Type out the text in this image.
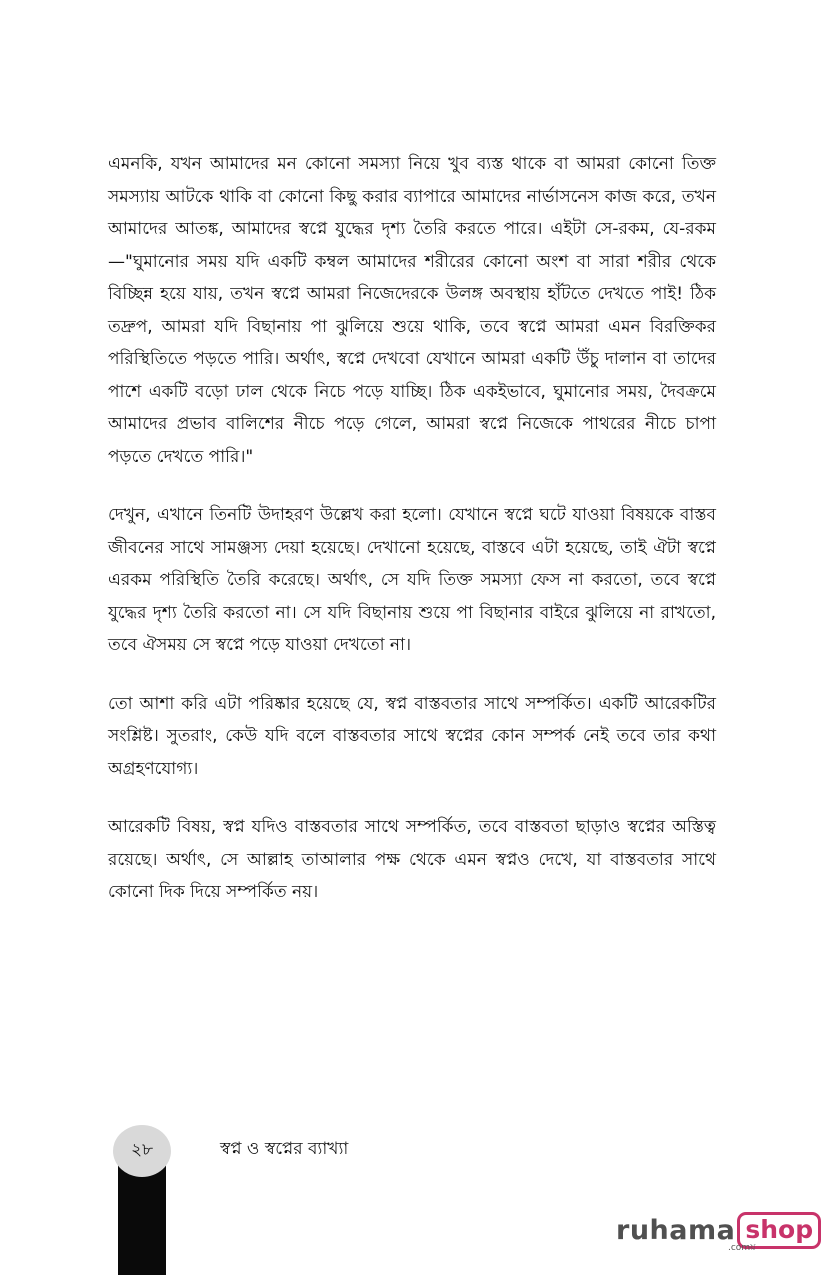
এমনকি, যখন আমাদের মন কোনো সমস্যা নিয়ে খুব ব্যস্ত থাকে বা আমরা কোনো তিক্ত সমস্যায় আটকে থাকি বা কোনো কিছু করার ব্যাপারে আমাদের নার্ভাসনেস কাজ করে, তখন আমাদের আতঙ্ক, আমাদের স্বপ্নে যুদ্ধের দৃশ্য তৈরি করতে পারে। এইটা সে-রকম, যে-রকম—"ঘুমানোর সময় যদি একটি কম্বল আমাদের শরীরের কোনো অংশ বা সারা শরীর থেকে বিচ্ছিন্ন হয়ে যায়, তখন স্বপ্নে আমরা নিজেদেরকে উলঙ্গ অবস্থায় হাঁটতে দেখতে পাই! ঠিক তদ্রুপ, আমরা যদি বিছানায় পা ঝুলিয়ে শুয়ে থাকি, তবে স্বপ্নে আমরা এমন বিরক্তিকর পরিস্থিতিতে পড়তে পারি। অর্থাৎ, স্বপ্নে দেখবো যেখানে আমরা একটি উঁচু দালান বা তাদের পাশে একটি বড়ো ঢাল থেকে নিচে পড়ে যাচ্ছি। ঠিক একইভাবে, ঘুমানোর সময়, দৈবক্রমে আমাদের প্রভাব বালিশের নীচে পড়ে গেলে, আমরা স্বপ্নে নিজেকে পাথরের নীচে চাপা পড়তে দেখতে পারি।"

দেখুন, এখানে তিনটি উদাহরণ উল্লেখ করা হলো। যেখানে স্বপ্নে ঘটে যাওয়া বিষয়কে বাস্তব জীবনের সাথে সামঞ্জস্য দেয়া হয়েছে। দেখানো হয়েছে, বাস্তবে এটা হয়েছে, তাই ঐটা স্বপ্নে এরকম পরিস্থিতি তৈরি করেছে। অর্থাৎ, সে যদি তিক্ত সমস্যা ফেস না করতো, তবে স্বপ্নে যুদ্ধের দৃশ্য তৈরি করতো না। সে যদি বিছানায় শুয়ে পা বিছানার বাইরে ঝুলিয়ে না রাখতো, তবে ঐসময় সে স্বপ্নে পড়ে যাওয়া দেখতো না।

তো আশা করি এটা পরিষ্কার হয়েছে যে, স্বপ্ন বাস্তবতার সাথে সম্পর্কিত। একটি আরেকটির সংশ্লিষ্ট। সুতরাং, কেউ যদি বলে বাস্তবতার সাথে স্বপ্নের কোন সম্পর্ক নেই তবে তার কথা অগ্রহণযোগ্য।

আরেকটি বিষয়, স্বপ্ন যদিও বাস্তবতার সাথে সম্পর্কিত, তবে বাস্তবতা ছাড়াও স্বপ্নের অস্তিত্ব রয়েছে। অর্থাৎ, সে আল্লাহ তাআলার পক্ষ থেকে এমন স্বপ্নও দেখে, যা বাস্তবতার সাথে কোনো দিক দিয়ে সম্পর্কিত নয়।

২৮	স্বপ্ন ও স্বপ্নের ব্যাখ্যা
ruhama shop
.comয়
